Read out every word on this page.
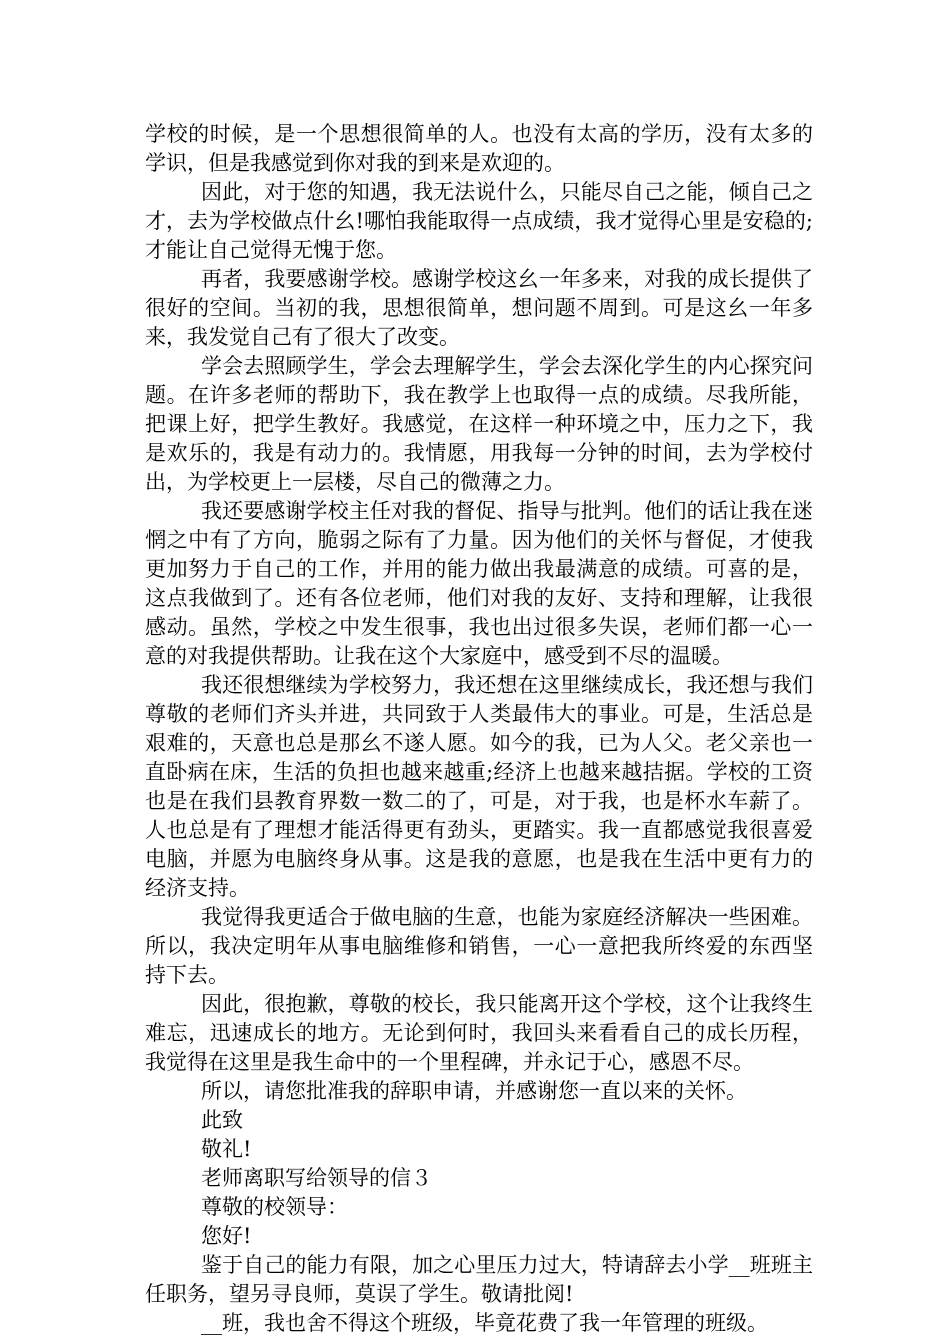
学校的时候，是一个思想很简单的人。也没有太高的学历，没有太多的学识，但是我感觉到你对我的到来是欢迎的。

因此，对于您的知遇，我无法说什么，只能尽自己之能，倾自己之才，去为学校做点什幺!哪怕我能取得一点成绩，我才觉得心里是安稳的;才能让自己觉得无愧于您。

再者，我要感谢学校。感谢学校这幺一年多来，对我的成长提供了很好的空间。当初的我，思想很简单，想问题不周到。可是这幺一年多来，我发觉自己有了很大了改变。

学会去照顾学生，学会去理解学生，学会去深化学生的内心探究问题。在许多老师的帮助下，我在教学上也取得一点的成绩。尽我所能，把课上好，把学生教好。我感觉，在这样一种环境之中，压力之下，我是欢乐的，我是有动力的。我情愿，用我每一分钟的时间，去为学校付出，为学校更上一层楼，尽自己的微薄之力。

我还要感谢学校主任对我的督促、指导与批判。他们的话让我在迷惘之中有了方向，脆弱之际有了力量。因为他们的关怀与督促，才使我更加努力于自己的工作，并用的能力做出我最满意的成绩。可喜的是，这点我做到了。还有各位老师，他们对我的友好、支持和理解，让我很感动。虽然，学校之中发生很事，我也出过很多失误，老师们都一心一意的对我提供帮助。让我在这个大家庭中，感受到不尽的温暖。

我还很想继续为学校努力，我还想在这里继续成长，我还想与我们尊敬的老师们齐头并进，共同致于人类最伟大的事业。可是，生活总是艰难的，天意也总是那幺不遂人愿。如今的我，已为人父。老父亲也一直卧病在床，生活的负担也越来越重;经济上也越来越拮据。学校的工资也是在我们县教育界数一数二的了，可是，对于我，也是杯水车薪了。人也总是有了理想才能活得更有劲头，更踏实。我一直都感觉我很喜爱电脑，并愿为电脑终身从事。这是我的意愿，也是我在生活中更有力的经济支持。

我觉得我更适合于做电脑的生意，也能为家庭经济解决一些困难。所以，我决定明年从事电脑维修和销售，一心一意把我所终爱的东西坚持下去。

因此，很抱歉，尊敬的校长，我只能离开这个学校，这个让我终生难忘，迅速成长的地方。无论到何时，我回头来看看自己的成长历程，我觉得在这里是我生命中的一个里程碑，并永记于心，感恩不尽。

所以，请您批准我的辞职申请，并感谢您一直以来的关怀。

此致

敬礼!

老师离职写给领导的信３

尊敬的校领导：

您好!

鉴于自己的能力有限，加之心里压力过大，特请辞去小学__班班主任职务，望另寻良师，莫误了学生。敬请批阅!

__班，我也舍不得这个班级，毕竟花费了我一年管理的班级。
